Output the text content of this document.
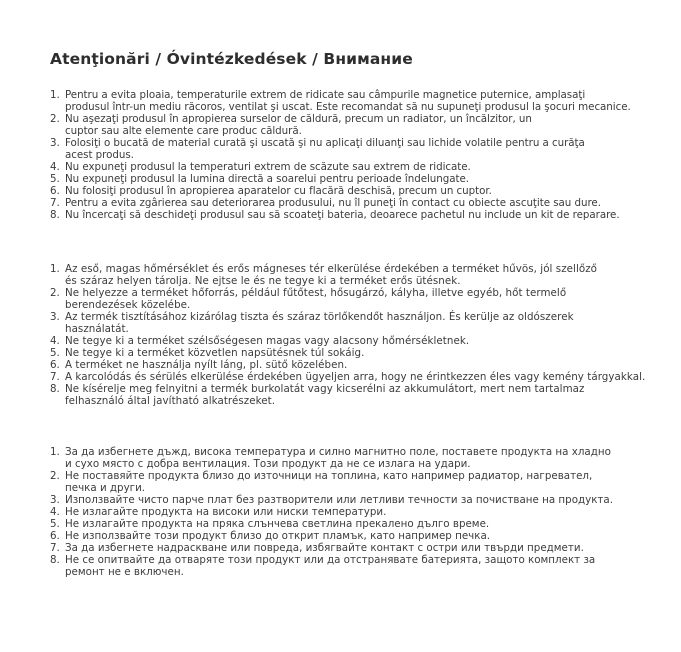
Atenţionări / Óvintézkedések / Внимание
1. Pentru a evita ploaia, temperaturile extrem de ridicate sau câmpurile magnetice puternice, amplasaţi
produsul într-un mediu răcoros, ventilat şi uscat. Este recomandat să nu supuneţi produsul la şocuri mecanice.
2. Nu aşezaţi produsul în apropierea surselor de căldură, precum un radiator, un încălzitor, un
cuptor sau alte elemente care produc căldură.
3. Folosiţi o bucată de material curată şi uscată şi nu aplicaţi diluanţi sau lichide volatile pentru a curăţa
acest produs.
4. Nu expuneţi produsul la temperaturi extrem de scăzute sau extrem de ridicate.
5. Nu expuneţi produsul la lumina directă a soarelui pentru perioade îndelungate.
6. Nu folosiţi produsul în apropierea aparatelor cu flacără deschisă, precum un cuptor.
7. Pentru a evita zgârierea sau deteriorarea produsului, nu îl puneţi în contact cu obiecte ascuţite sau dure.
8. Nu încercaţi să deschideţi produsul sau să scoateţi bateria, deoarece pachetul nu include un kit de reparare.
1. Az eső, magas hőmérséklet és erős mágneses tér elkerülése érdekében a terméket hűvös, jól szellőző
és száraz helyen tárolja. Ne ejtse le és ne tegye ki a terméket erős ütésnek.
2. Ne helyezze a terméket hőforrás, például fűtőtest, hősugárzó, kályha, illetve egyéb, hőt termelő
berendezések közelébe.
3. Az termék tisztításához kizárólag tiszta és száraz törlőkendőt használjon. És kerülje az oldószerek
használatát.
4. Ne tegye ki a terméket szélsőségesen magas vagy alacsony hőmérsékletnek.
5. Ne tegye ki a terméket közvetlen napsütésnek túl sokáig.
6. A terméket ne használja nyílt láng, pl. sütő közelében.
7. A karcolódás és sérülés elkerülése érdekében ügyeljen arra, hogy ne érintkezzen éles vagy kemény tárgyakkal.
8. Ne kísérelje meg felnyitni a termék burkolatát vagy kicserélni az akkumulátort, mert nem tartalmaz
felhasználó által javítható alkatrészeket.
1. За да избегнете дъжд, висока температура и силно магнитно поле, поставете продукта на хладно
и сухо място с добра вентилация. Този продукт да не се излага на удари.
2. Не поставяйте продукта близо до източници на топлина, като например радиатор, нагревател,
печка и други.
3. Използвайте чисто парче плат без разтворители или летливи течности за почистване на продукта.
4. Не излагайте продукта на високи или ниски температури.
5. Не излагайте продукта на пряка слънчева светлина прекалено дълго време.
6. Не използвайте този продукт близо до открит пламък, като например печка.
7. За да избегнете надраскване или повреда, избягвайте контакт с остри или твърди предмети.
8. Не се опитвайте да отваряте този продукт или да отстранявате батерията, защото комплект за
ремонт не е включен.
